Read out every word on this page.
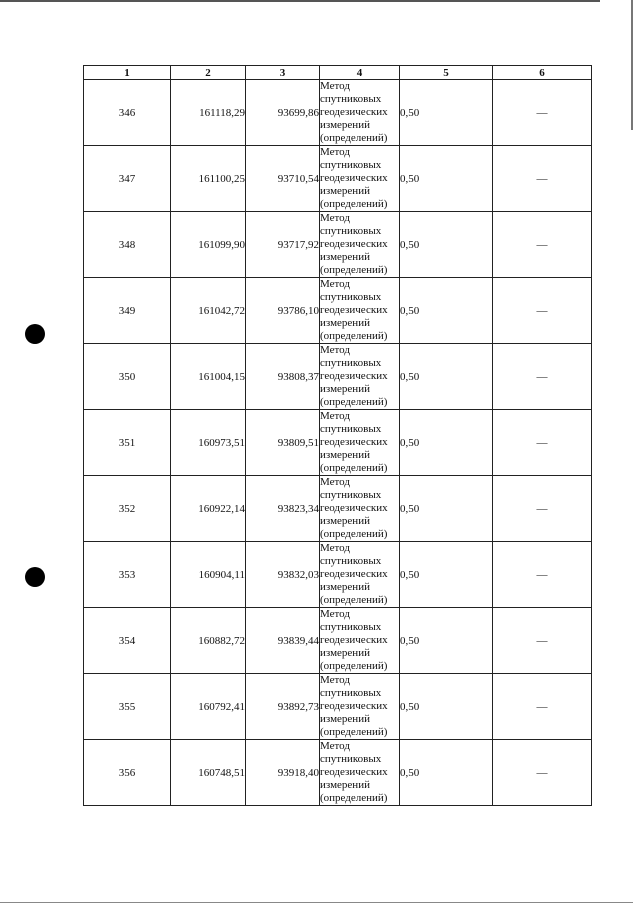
1	2	3	4	5	6
346	161118,29	93699,86	Метод
спутниковых
геодезических
измерений
(определений)	0,50	—
347	161100,25	93710,54	Метод
спутниковых
геодезических
измерений
(определений)	0,50	—
348	161099,90	93717,92	Метод
спутниковых
геодезических
измерений
(определений)	0,50	—
349	161042,72	93786,10	Метод
спутниковых
геодезических
измерений
(определений)	0,50	—
350	161004,15	93808,37	Метод
спутниковых
геодезических
измерений
(определений)	0,50	—
351	160973,51	93809,51	Метод
спутниковых
геодезических
измерений
(определений)	0,50	—
352	160922,14	93823,34	Метод
спутниковых
геодезических
измерений
(определений)	0,50	—
353	160904,11	93832,03	Метод
спутниковых
геодезических
измерений
(определений)	0,50	—
354	160882,72	93839,44	Метод
спутниковых
геодезических
измерений
(определений)	0,50	—
355	160792,41	93892,73	Метод
спутниковых
геодезических
измерений
(определений)	0,50	—
356	160748,51	93918,40	Метод
спутниковых
геодезических
измерений
(определений)	0,50	—
